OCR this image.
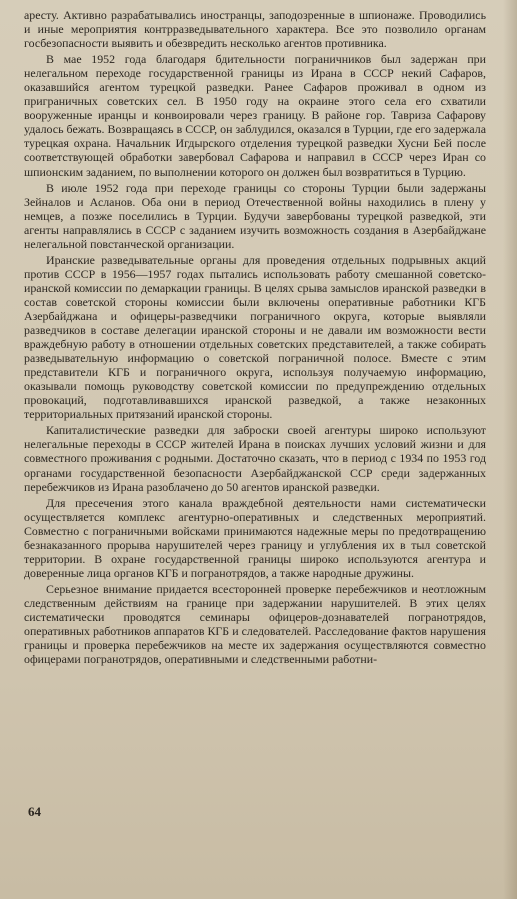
аресту. Активно разрабатывались иностранцы, заподозренные в шпионаже. Проводились и иные мероприятия контрразведывательного характера. Все это позволило органам госбезопасности выявить и обезвредить несколько агентов противника.

В мае 1952 года благодаря бдительности пограничников был задержан при нелегальном переходе государственной границы из Ирана в СССР некий Сафаров, оказавшийся агентом турецкой разведки. Ранее Сафаров проживал в одном из приграничных советских сел. В 1950 году на окраине этого села его схватили вооруженные иранцы и конвоировали через границу. В районе гор. Тавриза Сафарову удалось бежать. Возвращаясь в СССР, он заблудился, оказался в Турции, где его задержала турецкая охрана. Начальник Игдырского отделения турецкой разведки Хусни Бей после соответствующей обработки завербовал Сафарова и направил в СССР через Иран со шпионским заданием, по выполнении которого он должен был возвратиться в Турцию.

В июле 1952 года при переходе границы со стороны Турции были задержаны Зейналов и Асланов. Оба они в период Отечественной войны находились в плену у немцев, а позже поселились в Турции. Будучи завербованы турецкой разведкой, эти агенты направлялись в СССР с заданием изучить возможность создания в Азербайджане нелегальной повстанческой организации.

Иранские разведывательные органы для проведения отдельных подрывных акций против СССР в 1956—1957 годах пытались использовать работу смешанной советско-иранской комиссии по демаркации границы. В целях срыва замыслов иранской разведки в состав советской стороны комиссии были включены оперативные работники КГБ Азербайджана и офицеры-разведчики пограничного округа, которые выявляли разведчиков в составе делегации иранской стороны и не давали им возможности вести враждебную работу в отношении отдельных советских представителей, а также собирать разведывательную информацию о советской пограничной полосе. Вместе с этим представители КГБ и пограничного округа, используя получаемую информацию, оказывали помощь руководству советской комиссии по предупреждению отдельных провокаций, подготавливавшихся иранской разведкой, а также незаконных территориальных притязаний иранской стороны.

Капиталистические разведки для заброски своей агентуры широко используют нелегальные переходы в СССР жителей Ирана в поисках лучших условий жизни и для совместного проживания с родными. Достаточно сказать, что в период с 1934 по 1953 год органами государственной безопасности Азербайджанской ССР среди задержанных перебежчиков из Ирана разоблачено до 50 агентов иранской разведки.

Для пресечения этого канала враждебной деятельности нами систематически осуществляется комплекс агентурно-оперативных и следственных мероприятий. Совместно с пограничными войсками принимаются надежные меры по предотвращению безнаказанного прорыва нарушителей через границу и углубления их в тыл советской территории. В охране государственной границы широко используются агентура и доверенные лица органов КГБ и погранотрядов, а также народные дружины.

Серьезное внимание придается всесторонней проверке перебежчиков и неотложным следственным действиям на границе при задержании нарушителей. В этих целях систематически проводятся семинары офицеров-дознавателей погранотрядов, оперативных работников аппаратов КГБ и следователей. Расследование фактов нарушения границы и проверка перебежчиков на месте их задержания осуществляются совместно офицерами погранотрядов, оперативными и следственными работни-

64
